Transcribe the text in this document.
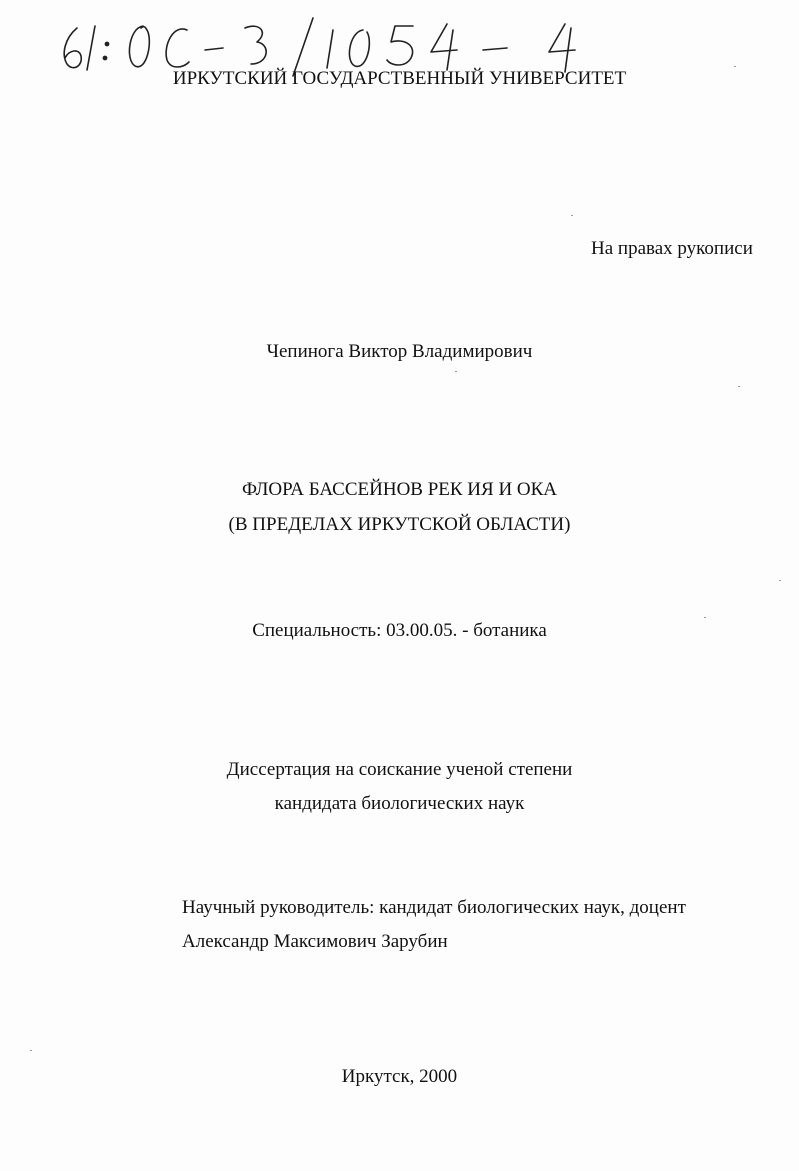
ИРКУТСКИЙ ГОСУДАРСТВЕННЫЙ УНИВЕРСИТЕТ
На правах рукописи
Чепинога Виктор Владимирович
ФЛОРА БАССЕЙНОВ РЕК ИЯ И ОКА
(В ПРЕДЕЛАХ ИРКУТСКОЙ ОБЛАСТИ)
Специальность: 03.00.05. - ботаника
Диссертация на соискание ученой степени
кандидата биологических наук
Научный руководитель: кандидат биологических наук, доцент
Александр Максимович Зарубин
Иркутск, 2000
